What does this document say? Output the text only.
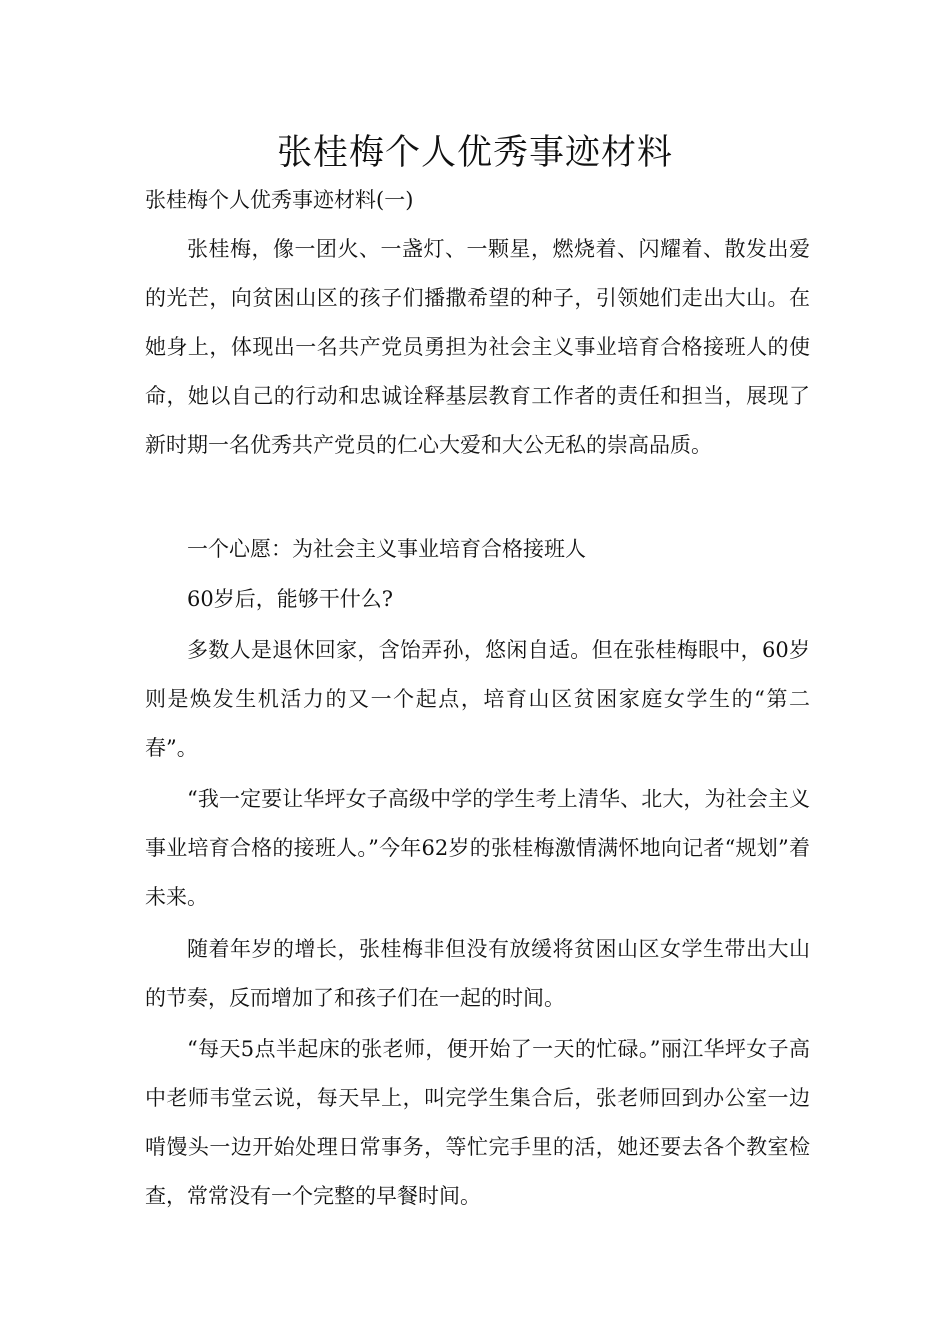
张桂梅个人优秀事迹材料

张桂梅个人优秀事迹材料(一)

张桂梅，像一团火、一盏灯、一颗星，燃烧着、闪耀着、散发出爱的光芒，向贫困山区的孩子们播撒希望的种子，引领她们走出大山。在她身上，体现出一名共产党员勇担为社会主义事业培育合格接班人的使命，她以自己的行动和忠诚诠释基层教育工作者的责任和担当，展现了新时期一名优秀共产党员的仁心大爱和大公无私的崇高品质。

一个心愿：为社会主义事业培育合格接班人

60岁后，能够干什么?

多数人是退休回家，含饴弄孙，悠闲自适。但在张桂梅眼中，60岁则是焕发生机活力的又一个起点，培育山区贫困家庭女学生的“第二春”。

“我一定要让华坪女子高级中学的学生考上清华、北大，为社会主义事业培育合格的接班人。”今年62岁的张桂梅激情满怀地向记者“规划”着未来。

随着年岁的增长，张桂梅非但没有放缓将贫困山区女学生带出大山的节奏，反而增加了和孩子们在一起的时间。

“每天5点半起床的张老师，便开始了一天的忙碌。”丽江华坪女子高中老师韦堂云说，每天早上，叫完学生集合后，张老师回到办公室一边啃馒头一边开始处理日常事务，等忙完手里的活，她还要去各个教室检查，常常没有一个完整的早餐时间。
